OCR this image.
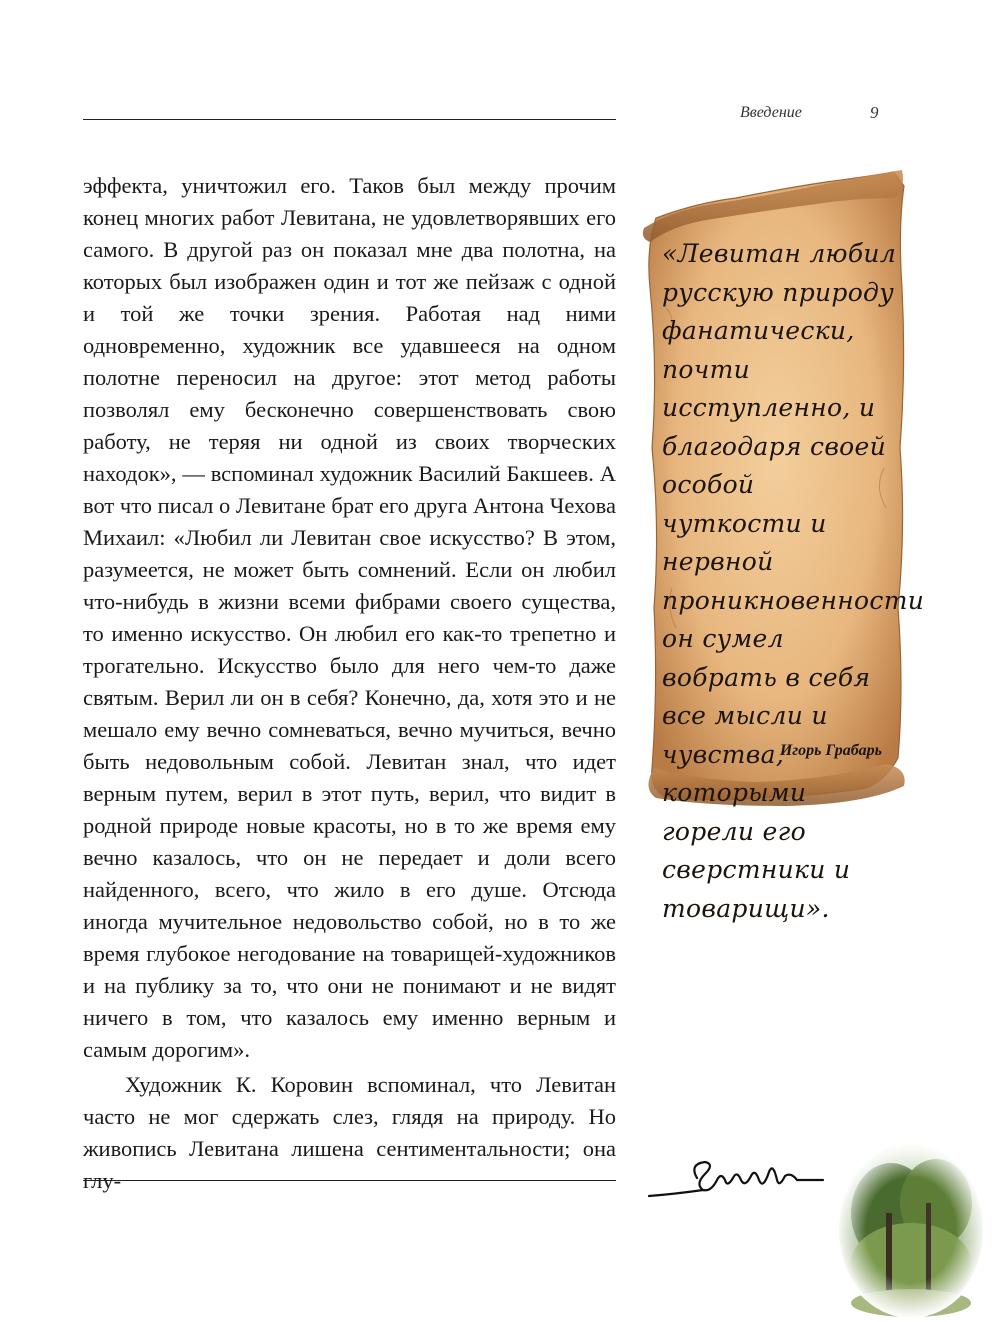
Введение	9

эффекта, уничтожил его. Таков был между прочим конец многих работ Левитана, не удовлетворявших его самого. В другой раз он показал мне два полотна, на которых был изображен один и тот же пейзаж с одной и той же точки зрения. Работая над ними одновременно, художник все удавшееся на одном полотне переносил на другое: этот метод работы позволял ему бесконечно совершенствовать свою работу, не теряя ни одной из своих творческих находок», — вспоминал художник Василий Бакшеев. А вот что писал о Левитане брат его друга Антона Чехова Михаил: «Любил ли Левитан свое искусство? В этом, разумеется, не может быть сомнений. Если он любил что-нибудь в жизни всеми фибрами своего существа, то именно искусство. Он любил его как-то трепетно и трогательно. Искусство было для него чем-то даже святым. Верил ли он в себя? Конечно, да, хотя это и не мешало ему вечно сомневаться, вечно мучиться, вечно быть недовольным собой. Левитан знал, что идет верным путем, верил в этот путь, верил, что видит в родной природе новые красоты, но в то же время ему вечно казалось, что он не передает и доли всего найденного, всего, что жило в его душе. Отсюда иногда мучительное недовольство собой, но в то же время глубокое негодование на товарищей-художников и на публику за то, что они не понимают и не видят ничего в том, что казалось ему именно верным и самым дорогим».

Художник К. Коровин вспоминал, что Левитан часто не мог сдержать слез, глядя на природу. Но живопись Левитана лишена сентиментальности; она глу-

«Левитан любил русскую природу фанатически, почти исступленно, и благодаря своей особой чуткости и нервной проникновенности он сумел вобрать в себя все мысли и чувства, которыми горели его сверстники и товарищи».
Игорь Грабарь
